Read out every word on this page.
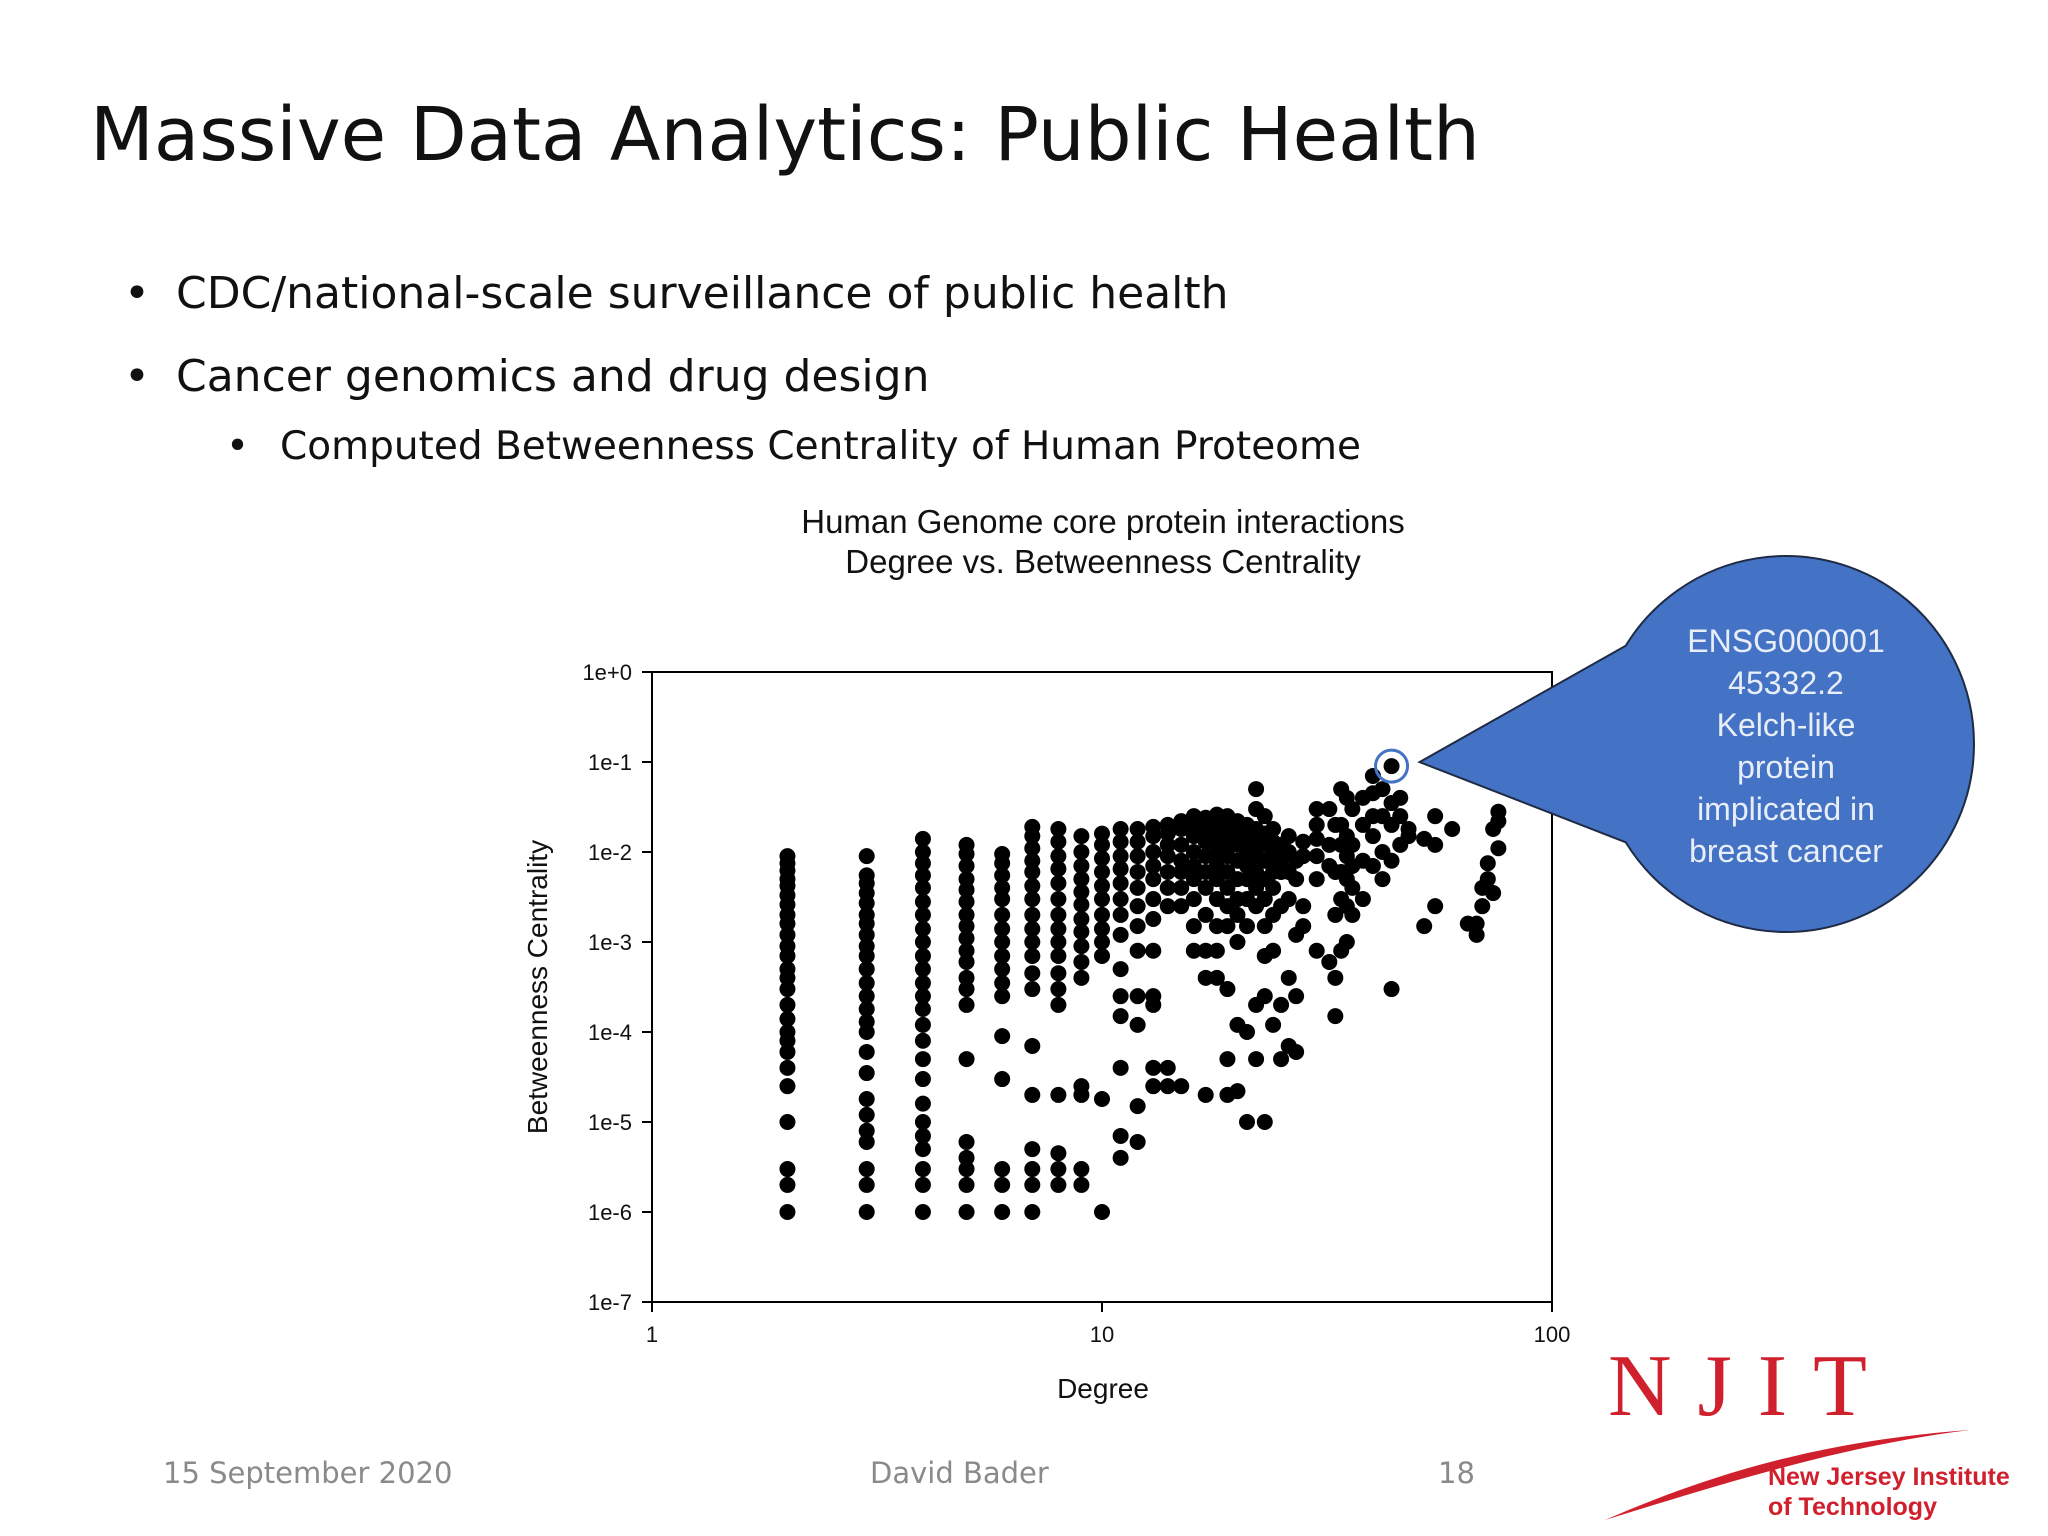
Massive Data Analytics: Public Health
• CDC/national-scale surveillance of public health
• Cancer genomics and drug design
• Computed Betweenness Centrality of Human Proteome
Human Genome core protein interactions
Degree vs. Betweenness Centrality
1e+0
1e-1
1e-2
1e-3
1e-4
1e-5
1e-6
1e-7
1	10	100
Degree
Betweenness Centrality
ENSG000001
45332.2
Kelch-like
protein
implicated in
breast cancer
15 September 2020	David Bader	18
NJIT
New Jersey Institute
of Technology
